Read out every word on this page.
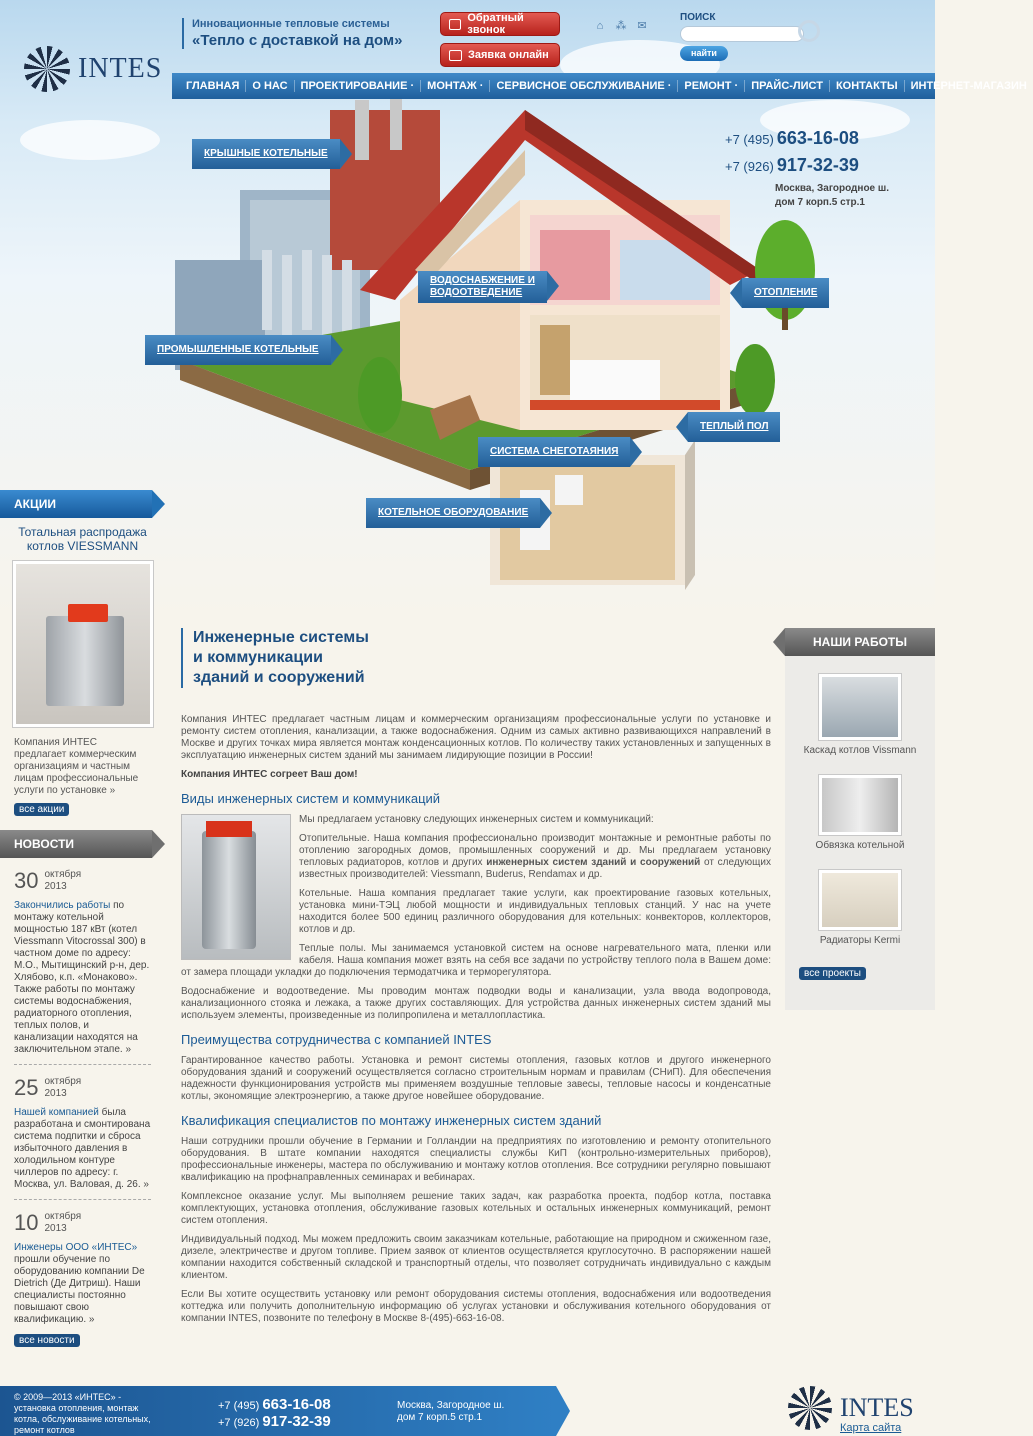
INTES
Инновационные тепловые системы
«Тепло с доставкой на дом»
Обратный звонок
Заявка онлайн
⌂ ⁂ ✉
ПОИСК
найти
ГЛАВНАЯ	О НАС	ПРОЕКТИРОВАНИЕ ·	МОНТАЖ ·	СЕРВИСНОЕ ОБСЛУЖИВАНИЕ ·	РЕМОНТ ·	ПРАЙС-ЛИСТ	КОНТАКТЫ	ИНТЕРНЕТ-МАГАЗИН
+7 (495) 663-16-08
+7 (926) 917-32-39
Москва, Загородное ш.
дом 7 корп.5 стр.1
КРЫШНЫЕ КОТЕЛЬНЫЕ
ВОДОСНАБЖЕНИЕ И
ВОДООТВЕДЕНИЕ	ОТОПЛЕНИЕ
ПРОМЫШЛЕННЫЕ КОТЕЛЬНЫЕ
ТЕПЛЫЙ ПОЛ
СИСТЕМА СНЕГОТАЯНИЯ
КОТЕЛЬНОЕ ОБОРУДОВАНИЕ
АКЦИИ
Тотальная распродажа котлов VIESSMANN
Компания ИНТЕС предлагает коммерческим организациям и частным лицам профессиональные услуги по установке »
все акции
НОВОСТИ
30 октября
2013
Закончились работы по монтажу котельной мощностью 187 кВт (котел Viessmann Vitocrossal 300) в частном доме по адресу: М.О., Мытищинский р-н, дер. Хлябово, к.п. «Монаково». Также работы по монтажу системы водоснабжения, радиаторного отопления, теплых полов, и канализации находятся на заключительном этапе. »
25 октября
2013
Нашей компанией была разработана и смонтирована система подпитки и сброса избыточного давления в холодильном контуре чиллеров по адресу: г. Москва, ул. Валовая, д. 26. »
10 октября
2013
Инженеры ООО «ИНТЕС» прошли обучение по оборудованию компании De Dietrich (Де Дитриш). Наши специалисты постоянно повышают свою квалификацию. »
все новости
Инженерные системы и коммуникации зданий и сооружений

Компания ИНТЕС предлагает частным лицам и коммерческим организациям профессиональные услуги по установке и ремонту систем отопления, канализации, а также водоснабжения. Одним из самых активно развивающихся направлений в Москве и других точках мира является монтаж конденсационных котлов. По количеству таких установленных и запущенных в эксплуатацию инженерных систем зданий мы занимаем лидирующие позиции в России!

Компания ИНТЕС согреет Ваш дом!

Виды инженерных систем и коммуникаций

Мы предлагаем установку следующих инженерных систем и коммуникаций:

Отопительные. Наша компания профессионально производит монтажные и ремонтные работы по отоплению загородных домов, промышленных сооружений и др. Мы предлагаем установку тепловых радиаторов, котлов и других инженерных систем зданий и сооружений от следующих известных производителей: Viessmann, Buderus, Rendamax и др.

Котельные. Наша компания предлагает такие услуги, как проектирование газовых котельных, установка мини-ТЭЦ любой мощности и индивидуальных тепловых станций. У нас на учете находится более 500 единиц различного оборудования для котельных: конвекторов, коллекторов, котлов и др.

Теплые полы. Мы занимаемся установкой систем на основе нагревательного мата, пленки или кабеля. Наша компания может взять на себя все задачи по устройству теплого пола в Вашем доме: от замера площади укладки до подключения термодатчика и терморегулятора.

Водоснабжение и водоотведение. Мы проводим монтаж подводки воды и канализации, узла ввода водопровода, канализационного стояка и лежака, а также других составляющих. Для устройства данных инженерных систем зданий мы используем элементы, произведенные из полипропилена и металлопластика.

Преимущества сотрудничества с компанией INTES

Гарантированное качество работы. Установка и ремонт системы отопления, газовых котлов и другого инженерного оборудования зданий и сооружений осуществляется согласно строительным нормам и правилам (СНиП). Для обеспечения надежности функционирования устройств мы применяем воздушные тепловые завесы, тепловые насосы и конденсатные котлы, экономящие электроэнергию, а также другое новейшее оборудование.

Квалификация специалистов по монтажу инженерных систем зданий

Наши сотрудники прошли обучение в Германии и Голландии на предприятиях по изготовлению и ремонту отопительного оборудования. В штате компании находятся специалисты службы КиП (контрольно-измерительных приборов), профессиональные инженеры, мастера по обслуживанию и монтажу котлов отопления. Все сотрудники регулярно повышают квалификацию на профнаправленных семинарах и вебинарах.

Комплексное оказание услуг. Мы выполняем решение таких задач, как разработка проекта, подбор котла, поставка комплектующих, установка отопления, обслуживание газовых котельных и остальных инженерных коммуникаций, ремонт систем отопления.

Индивидуальный подход. Мы можем предложить своим заказчикам котельные, работающие на природном и сжиженном газе, дизеле, электричестве и другом топливе. Прием заявок от клиентов осуществляется круглосуточно. В распоряжении нашей компании находится собственный складской и транспортный отделы, что позволяет сотрудничать индивидуально с каждым клиентом.

Если Вы хотите осуществить установку или ремонт оборудования системы отопления, водоснабжения или водоотведения коттеджа или получить дополнительную информацию об услугах установки и обслуживания котельного оборудования от компании INTES, позвоните по телефону в Москве 8-(495)-663-16-08.

НАШИ РАБОТЫ
Каскад котлов Vissmann
Обвязка котельной
Радиаторы Kermi
все проекты
© 2009—2013 «ИНТЕС» - установка отопления, монтаж котла, обслуживание котельных, ремонт котлов
+7 (495) 663-16-08
+7 (926) 917-32-39
Москва, Загородное ш.
дом 7 корп.5 стр.1	INTES
Карта сайта
